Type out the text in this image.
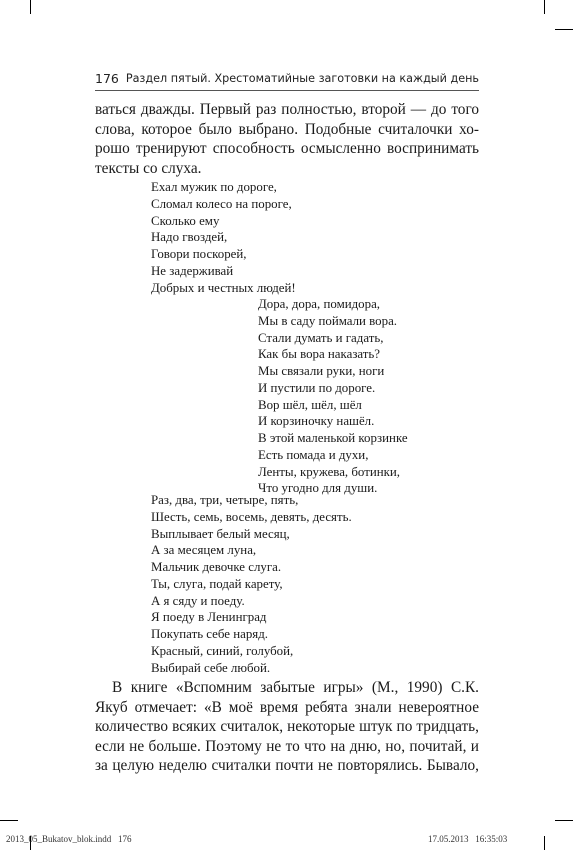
176 Раздел пятый. Хрестоматийные заготовки на каждый день

ваться дважды. Первый раз полностью, второй — до того
слова, которое было выбрано. Подобные считалочки хо-
рошо тренируют способность осмысленно воспринимать
тексты со слуха.

Ехал мужик по дороге,
Сломал колесо на пороге,
Сколько ему
Надо гвоздей,
Говори поскорей,
Не задерживай
Добрых и честных людей!

Дора, дора, помидора,
Мы в саду поймали вора.
Стали думать и гадать,
Как бы вора наказать?
Мы связали руки, ноги
И пустили по дороге.
Вор шёл, шёл, шёл
И корзиночку нашёл.
В этой маленькой корзинке
Есть помада и духи,
Ленты, кружева, ботинки,
Что угодно для души.

Раз, два, три, четыре, пять,
Шесть, семь, восемь, девять, десять.
Выплывает белый месяц,
А за месяцем луна,
Мальчик девочке слуга.
Ты, слуга, подай карету,
А я сяду и поеду.
Я поеду в Ленинград
Покупать себе наряд.
Красный, синий, голубой,
Выбирай себе любой.

В книге «Вспомним забытые игры» (М., 1990) С.К.
Якуб отмечает: «В моё время ребята знали невероятное
количество всяких считалок, некоторые штук по тридцать,
если не больше. Поэтому не то что на дню, но, почитай, и
за целую неделю считалки почти не повторялись. Бывало,

2013_05_Bukatov_blok.indd   176	17.05.2013   16:35:03
